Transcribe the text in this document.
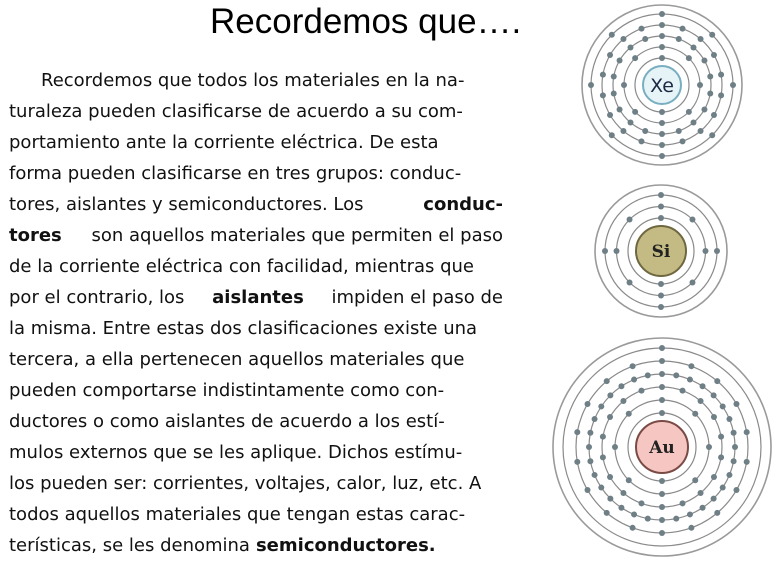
Recordemos que….
Recordemos que todos los materiales en la na-
turaleza pueden clasificarse de acuerdo a su com-
portamiento ante la corriente eléctrica. De esta
forma pueden clasificarse en tres grupos: conduc-
tores, aislantes y semiconductores. Los	conduc-
tores son aquellos materiales que permiten el paso
de la corriente eléctrica con facilidad, mientras que
por el contrario, los aislantes impiden el paso de
la misma. Entre estas dos clasificaciones existe una
tercera, a ella pertenecen aquellos materiales que
pueden comportarse indistintamente como con-
ductores o como aislantes de acuerdo a los estí-
mulos externos que se les aplique. Dichos estímu-
los pueden ser: corrientes, voltajes, calor, luz, etc. A
todos aquellos materiales que tengan estas carac-
terísticas, se les denomina semiconductores.
Xe
Si
Au
